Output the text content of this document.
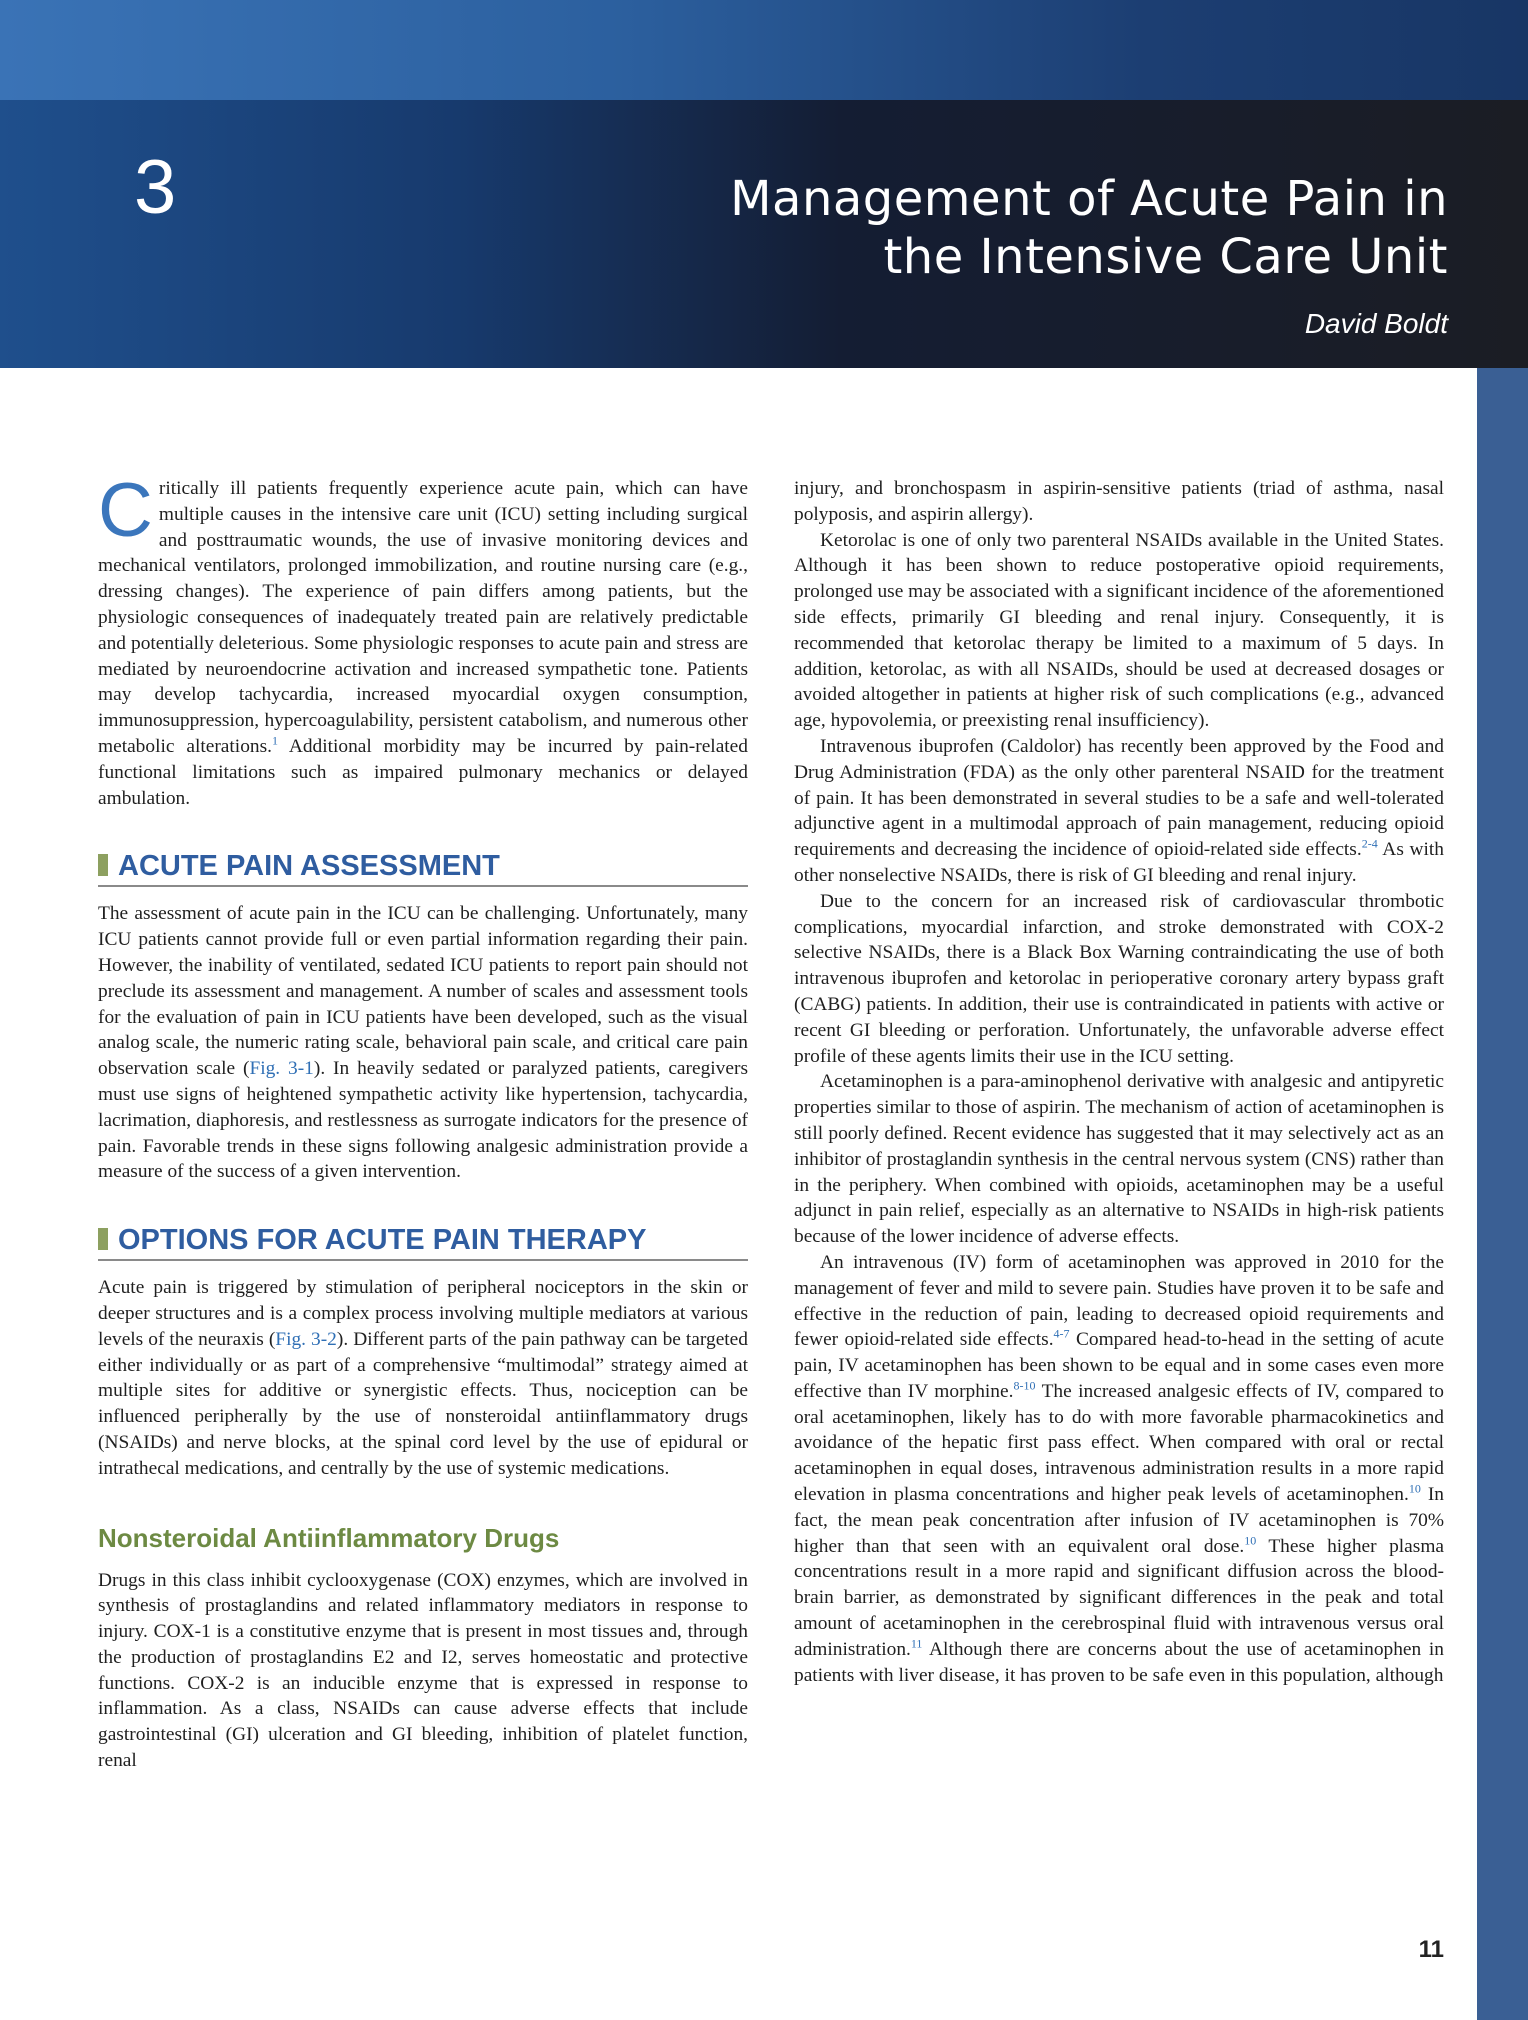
3	Management of Acute Pain in
the Intensive Care Unit
David Boldt

Critically ill patients frequently experience acute pain, which can have multiple causes in the intensive care unit (ICU) setting including surgical and posttraumatic wounds, the use of invasive monitoring devices and mechanical ventilators, prolonged immobilization, and routine nursing care (e.g., dressing changes). The experience of pain differs among patients, but the physiologic consequences of inadequately treated pain are relatively predictable and potentially deleterious. Some physiologic responses to acute pain and stress are mediated by neuroendocrine activation and increased sympathetic tone. Patients may develop tachycardia, increased myocardial oxygen consumption, immunosuppression, hypercoagulability, persistent catabolism, and numerous other metabolic alterations.$^1$ Additional morbidity may be incurred by pain-related functional limitations such as impaired pulmonary mechanics or delayed ambulation.

ACUTE PAIN ASSESSMENT

The assessment of acute pain in the ICU can be challenging. Unfortunately, many ICU patients cannot provide full or even partial information regarding their pain. However, the inability of ventilated, sedated ICU patients to report pain should not preclude its assessment and management. A number of scales and assessment tools for the evaluation of pain in ICU patients have been developed, such as the visual analog scale, the numeric rating scale, behavioral pain scale, and critical care pain observation scale (Fig. 3-1). In heavily sedated or paralyzed patients, caregivers must use signs of heightened sympathetic activity like hypertension, tachycardia, lacrimation, diaphoresis, and restlessness as surrogate indicators for the presence of pain. Favorable trends in these signs following analgesic administration provide a measure of the success of a given intervention.

OPTIONS FOR ACUTE PAIN THERAPY

Acute pain is triggered by stimulation of peripheral nociceptors in the skin or deeper structures and is a complex process involving multiple mediators at various levels of the neuraxis (Fig. 3-2). Different parts of the pain pathway can be targeted either individually or as part of a comprehensive “multimodal” strategy aimed at multiple sites for additive or synergistic effects. Thus, nociception can be influenced peripherally by the use of nonsteroidal antiinflammatory drugs (NSAIDs) and nerve blocks, at the spinal cord level by the use of epidural or intrathecal medications, and centrally by the use of systemic medications.

Nonsteroidal Antiinflammatory Drugs

Drugs in this class inhibit cyclooxygenase (COX) enzymes, which are involved in synthesis of prostaglandins and related inflammatory mediators in response to injury. COX-1 is a constitutive enzyme that is present in most tissues and, through the production of prostaglandins E2 and I2, serves homeostatic and protective functions. COX-2 is an inducible enzyme that is expressed in response to inflammation. As a class, NSAIDs can cause adverse effects that include gastrointestinal (GI) ulceration and GI bleeding, inhibition of platelet function, renal

injury, and bronchospasm in aspirin-sensitive patients (triad of asthma, nasal polyposis, and aspirin allergy).

Ketorolac is one of only two parenteral NSAIDs available in the United States. Although it has been shown to reduce postoperative opioid requirements, prolonged use may be associated with a significant incidence of the aforementioned side effects, primarily GI bleeding and renal injury. Consequently, it is recommended that ketorolac therapy be limited to a maximum of 5 days. In addition, ketorolac, as with all NSAIDs, should be used at decreased dosages or avoided altogether in patients at higher risk of such complications (e.g., advanced age, hypovolemia, or preexisting renal insufficiency).

Intravenous ibuprofen (Caldolor) has recently been approved by the Food and Drug Administration (FDA) as the only other parenteral NSAID for the treatment of pain. It has been demonstrated in several studies to be a safe and well-tolerated adjunctive agent in a multimodal approach of pain management, reducing opioid requirements and decreasing the incidence of opioid-related side effects.$^{2-4}$ As with other nonselective NSAIDs, there is risk of GI bleeding and renal injury.

Due to the concern for an increased risk of cardiovascular thrombotic complications, myocardial infarction, and stroke demonstrated with COX-2 selective NSAIDs, there is a Black Box Warning contraindicating the use of both intravenous ibuprofen and ketorolac in perioperative coronary artery bypass graft (CABG) patients. In addition, their use is contraindicated in patients with active or recent GI bleeding or perforation. Unfortunately, the unfavorable adverse effect profile of these agents limits their use in the ICU setting.

Acetaminophen is a para-aminophenol derivative with analgesic and antipyretic properties similar to those of aspirin. The mechanism of action of acetaminophen is still poorly defined. Recent evidence has suggested that it may selectively act as an inhibitor of prostaglandin synthesis in the central nervous system (CNS) rather than in the periphery. When combined with opioids, acetaminophen may be a useful adjunct in pain relief, especially as an alternative to NSAIDs in high-risk patients because of the lower incidence of adverse effects.

An intravenous (IV) form of acetaminophen was approved in 2010 for the management of fever and mild to severe pain. Studies have proven it to be safe and effective in the reduction of pain, leading to decreased opioid requirements and fewer opioid-related side effects.$^{4-7}$ Compared head-to-head in the setting of acute pain, IV acetaminophen has been shown to be equal and in some cases even more effective than IV morphine.$^{8-10}$ The increased analgesic effects of IV, compared to oral acetaminophen, likely has to do with more favorable pharmacokinetics and avoidance of the hepatic first pass effect. When compared with oral or rectal acetaminophen in equal doses, intravenous administration results in a more rapid elevation in plasma concentrations and higher peak levels of acetaminophen.$^{10}$ In fact, the mean peak concentration after infusion of IV acetaminophen is 70% higher than that seen with an equivalent oral dose.$^{10}$ These higher plasma concentrations result in a more rapid and significant diffusion across the blood-brain barrier, as demonstrated by significant differences in the peak and total amount of acetaminophen in the cerebrospinal fluid with intravenous versus oral administration.$^{11}$ Although there are concerns about the use of acetaminophen in patients with liver disease, it has proven to be safe even in this population, although

11
